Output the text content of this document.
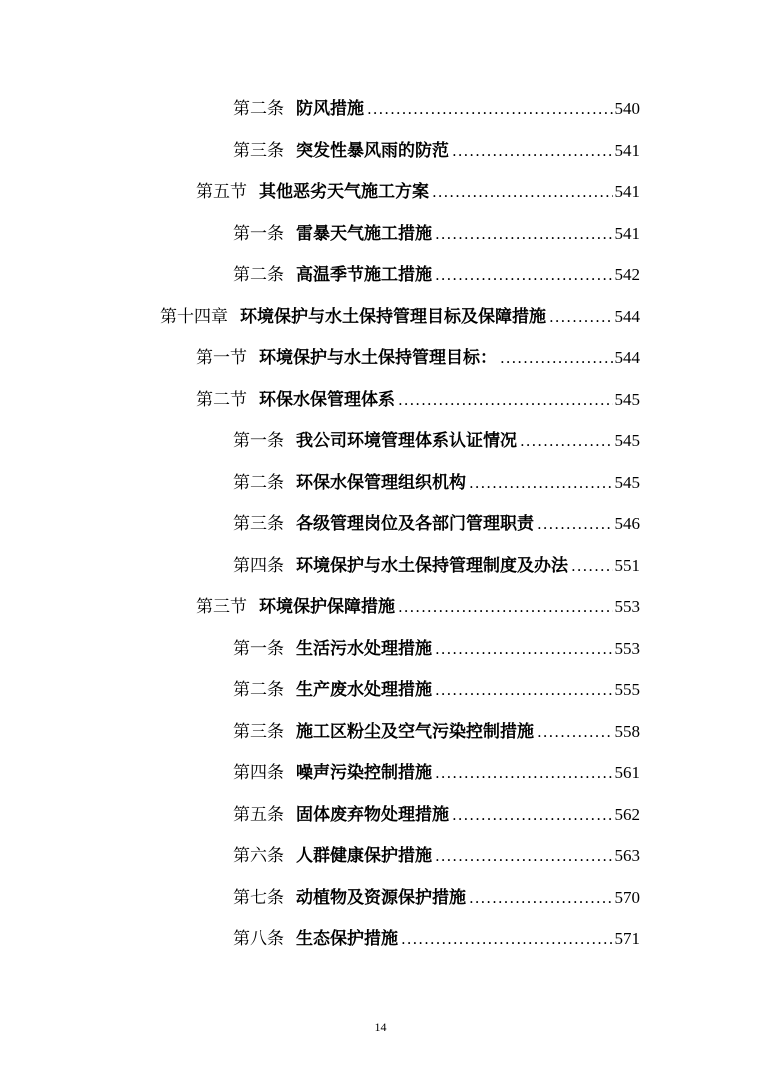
第二条 防风措施 .....	540
第三条 突发性暴风雨的防范 .....	541
第五节 其他恶劣天气施工方案 .....	541
第一条 雷暴天气施工措施 .....	541
第二条 高温季节施工措施 .....	542
第十四章 环境保护与水土保持管理目标及保障措施 .....	544
第一节 环境保护与水土保持管理目标： .....	544
第二节 环保水保管理体系 .....	545
第一条 我公司环境管理体系认证情况 .....	545
第二条 环保水保管理组织机构 .....	545
第三条 各级管理岗位及各部门管理职责 .....	546
第四条 环境保护与水土保持管理制度及办法 .....	551
第三节 环境保护保障措施 .....	553
第一条 生活污水处理措施 .....	553
第二条 生产废水处理措施 .....	555
第三条 施工区粉尘及空气污染控制措施 .....	558
第四条 噪声污染控制措施 .....	561
第五条 固体废弃物处理措施 .....	562
第六条 人群健康保护措施 .....	563
第七条 动植物及资源保护措施 .....	570
第八条 生态保护措施 .....	571
14
